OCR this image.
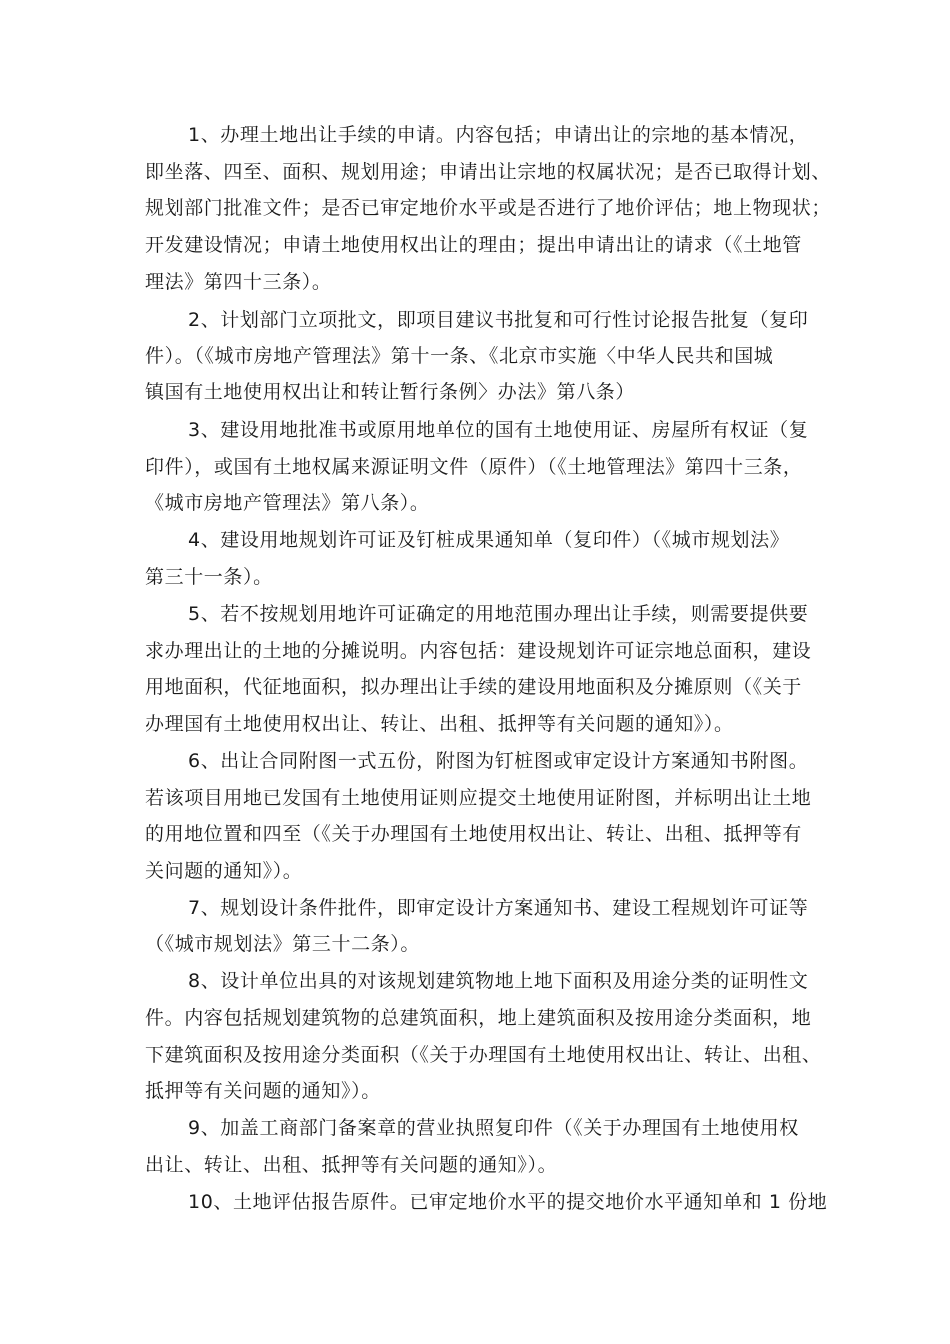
1、办理土地出让手续的申请。内容包括；申请出让的宗地的基本情况，
即坐落、四至、面积、规划用途；申请出让宗地的权属状况；是否已取得计划、
规划部门批准文件；是否已审定地价水平或是否进行了地价评估；地上物现状；
开发建设情况；申请土地使用权出让的理由；提出申请出让的请求（《土地管
理法》第四十三条）。
2、计划部门立项批文，即项目建议书批复和可行性讨论报告批复（复印
件）。（《城市房地产管理法》第十一条、《北京市实施〈中华人民共和国城
镇国有土地使用权出让和转让暂行条例〉办法》第八条）
3、建设用地批准书或原用地单位的国有土地使用证、房屋所有权证（复
印件），或国有土地权属来源证明文件（原件）（《土地管理法》第四十三条，
《城市房地产管理法》第八条）。
4、建设用地规划许可证及钉桩成果通知单（复印件）（《城市规划法》
第三十一条）。
5、若不按规划用地许可证确定的用地范围办理出让手续，则需要提供要
求办理出让的土地的分摊说明。内容包括：建设规划许可证宗地总面积，建设
用地面积，代征地面积，拟办理出让手续的建设用地面积及分摊原则（《关于
办理国有土地使用权出让、转让、出租、抵押等有关问题的通知》）。
6、出让合同附图一式五份，附图为钉桩图或审定设计方案通知书附图。
若该项目用地已发国有土地使用证则应提交土地使用证附图，并标明出让土地
的用地位置和四至（《关于办理国有土地使用权出让、转让、出租、抵押等有
关问题的通知》）。
7、规划设计条件批件，即审定设计方案通知书、建设工程规划许可证等
（《城市规划法》第三十二条）。
8、设计单位出具的对该规划建筑物地上地下面积及用途分类的证明性文
件。内容包括规划建筑物的总建筑面积，地上建筑面积及按用途分类面积，地
下建筑面积及按用途分类面积（《关于办理国有土地使用权出让、转让、出租、
抵押等有关问题的通知》）。
9、加盖工商部门备案章的营业执照复印件（《关于办理国有土地使用权
出让、转让、出租、抵押等有关问题的通知》）。
10、土地评估报告原件。已审定地价水平的提交地价水平通知单和 1 份地
